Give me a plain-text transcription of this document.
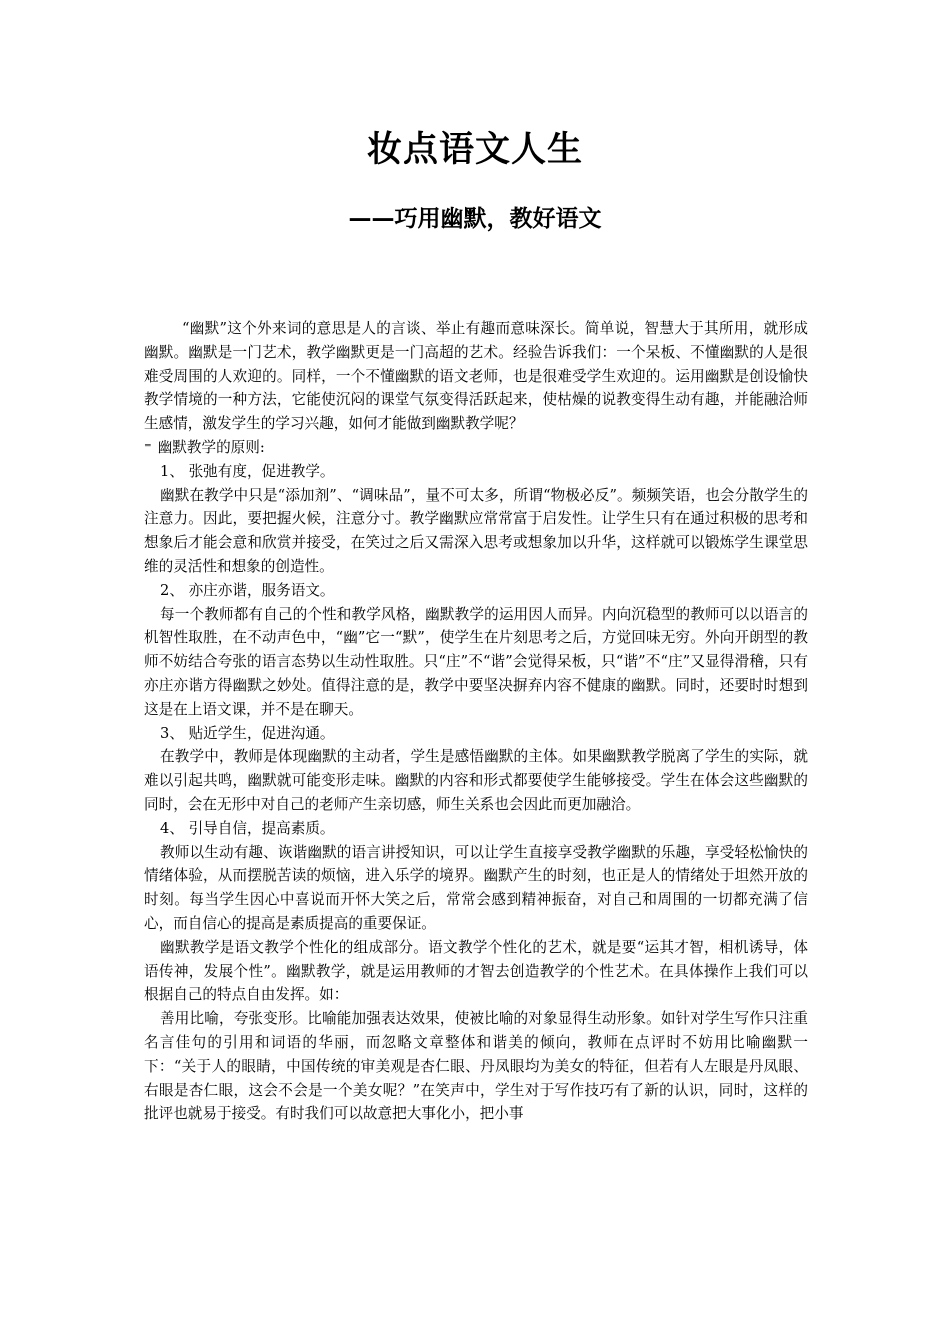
妆点语文人生
——巧用幽默，教好语文

“幽默”这个外来词的意思是人的言谈、举止有趣而意味深长。简单说，智慧大于其所用，就形成幽默。幽默是一门艺术，教学幽默更是一门高超的艺术。经验告诉我们：一个呆板、不懂幽默的人是很难受周围的人欢迎的。同样，一个不懂幽默的语文老师，也是很难受学生欢迎的。运用幽默是创设愉快教学情境的一种方法，它能使沉闷的课堂气氛变得活跃起来，使枯燥的说教变得生动有趣，并能融洽师生感情，激发学生的学习兴趣，如何才能做到幽默教学呢？

⁼ 幽默教学的原则:

1、 张弛有度，促进教学。

幽默在教学中只是“添加剂”、“调味品”，量不可太多，所谓“物极必反”。频频笑语，也会分散学生的注意力。因此，要把握火候，注意分寸。教学幽默应常常富于启发性。让学生只有在通过积极的思考和想象后才能会意和欣赏并接受，在笑过之后又需深入思考或想象加以升华，这样就可以锻炼学生课堂思维的灵活性和想象的创造性。

2、 亦庄亦谐，服务语文。

每一个教师都有自己的个性和教学风格，幽默教学的运用因人而异。内向沉稳型的教师可以以语言的机智性取胜，在不动声色中，“幽”它一“默”，使学生在片刻思考之后，方觉回味无穷。外向开朗型的教师不妨结合夸张的语言态势以生动性取胜。只“庄”不“谐”会觉得呆板，只“谐”不“庄”又显得滑稽，只有亦庄亦谐方得幽默之妙处。值得注意的是，教学中要坚决摒弃内容不健康的幽默。同时，还要时时想到这是在上语文课，并不是在聊天。

3、 贴近学生，促进沟通。

在教学中，教师是体现幽默的主动者，学生是感悟幽默的主体。如果幽默教学脱离了学生的实际，就难以引起共鸣，幽默就可能变形走味。幽默的内容和形式都要使学生能够接受。学生在体会这些幽默的同时，会在无形中对自己的老师产生亲切感，师生关系也会因此而更加融洽。

4、 引导自信，提高素质。

教师以生动有趣、诙谐幽默的语言讲授知识，可以让学生直接享受教学幽默的乐趣，享受轻松愉快的情绪体验，从而摆脱苦读的烦恼，进入乐学的境界。幽默产生的时刻，也正是人的情绪处于坦然开放的时刻。每当学生因心中喜说而开怀大笑之后，常常会感到精神振奋，对自己和周围的一切都充满了信心，而自信心的提高是素质提高的重要保证。

幽默教学是语文教学个性化的组成部分。语文教学个性化的艺术，就是要“运其才智，相机诱导，体语传神，发展个性”。幽默教学，就是运用教师的才智去创造教学的个性艺术。在具体操作上我们可以根据自己的特点自由发挥。如：

善用比喻，夸张变形。比喻能加强表达效果，使被比喻的对象显得生动形象。如针对学生写作只注重名言佳句的引用和词语的华丽，而忽略文章整体和谐美的倾向，教师在点评时不妨用比喻幽默一下：“关于人的眼睛，中国传统的审美观是杏仁眼、丹凤眼均为美女的特征，但若有人左眼是丹凤眼、右眼是杏仁眼，这会不会是一个美女呢？”在笑声中，学生对于写作技巧有了新的认识，同时，这样的批评也就易于接受。有时我们可以故意把大事化小，把小事
